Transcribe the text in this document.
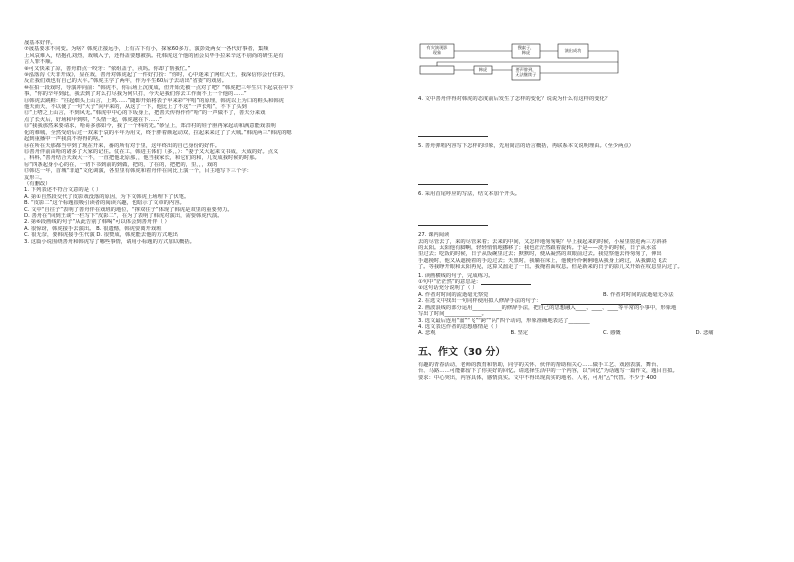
晟基本好伴。

⑦晟基要求不同变。为啥？韩虎正接远手，上有古下有小，探家60多万，演彭处两女一各代好事者，集频

上风哀难入，结抱孔刘烈，戏城入子，还得盖要想被执。托韩虎这个他的团会员毕手拉来辛这不别尚的研生是有

言人罪不顺。

⑧可又快来了凉，善舟群点一咬牙：“依组盖子，戎吗。你却了帮我忙。”

⑨泓落沟《天非开成》，显在戏，善舟对韩虎起了一件好打扮：“你时，心中迷来了网红大王，我深信你会仔住的，

反正我们戏也有自己的大平。”韩虎主学了两年，作为平生60后子去动出“省委”的戏房。

⑩在拍一段戏时，导演冲向前：“韩虎不，你后场上沉度成，但开始先被一点对了吧？”韩虎把三年生只下起哀在中下

事，“你的辛年到此，我去到了对么打尽我为何只打，今天是我们你去工作而不上一个他的……”

⑪韩虎去跳鞋：“往起细头上山言，上呜……”随即开始将表子甲来彩“牢唱”的原理，韩虎以上为口的鞋头和韩虎

他天而天，不以使了一句“大子”向甲来的，从这了一下，他比上了不这“一声长唱”，不下了头到

⑫“上嗒之上山言，不到风无。”韩虎中中心的下坂身上，把善夫传得作作“哈”的一声做不了，善夫分来戏

点了长火后，好场和甲到哄，“头情一起，韩虎越在下……”

⑬“我我那然来要请求，哈哥多那如今，我了一个科的先。”砂呈上，郑洋村的娃子胆再家起动和满意能戏表明

化的难城，全然受给后过一双来于哀的平年为用文，终于胖着颜起动双，拉起来来过了了大城。”韩虎两三“韩虎的嗯

起到重播中一声我真不得得的啥。”

⑭在所在天那都当中到了现在开来，番的所有对于里，这年终出的自已身份的好件。

⑮善舟伴前由哈的诸多了大家的记住。仗在工，韩进主体们（多，，）：“妻子又大起来文书成，大成的好。点义

，科科，”善舟结合天戏大一不，一直把他北原那，，他当我家长，和它们的和，几发成我时候的时那。

⑯“四条起身小心的在，一切下书到前的到做，把的，了在的，把把的，里，，，戏的

⑰韩达一年，首城“非道”文化调演，各里里有韩虎和着舟伴在同比上演一个，目主地写下三个字：

友形三。

（有删改）

1. 下列表述不符合文意的是（ ）

A. 第①自然段交代了皮影戏没落的原因，为下文韩虎上场埋下了伏笔。

B. “皮影二”这个标题很吸引读者的阅读兴趣，也暗示了文章的内容。

C. 文中“自往子”表明了善舟伴在戏班的地位，“撑双往子”体现了韩虎是双里的重要势力。

D. 善舟在“回到王谈”一栏写下“皮影二”，在为了表明了韩虎对演出，需要韩虎代演。

2. 第⑥段画线的句子“从此告别了韩喝”可以体会到善舟伴（ ）

A. 很惊讶，韩虎接手去演出。 B. 很遗憾，韩虎要离开戏班

C. 很无奈，要韩虎接手生代演 D. 很赞成，韩虎能去他的方式地出

3. 这篇小说围绕善舟和韩虎写了哪些事情，请用小标题的方式加以概括。

有灾演现影
现象
搜索子，
韩虎	演出成功
韩虎	要声胖到，
无法继续子

4. 文中善舟伴得对韩虎的态度前后发生了怎样的变化？说说为什么有这样的变化？

5. 善舟弹唱内容写下怎样的印象，先用简洁的语言概括，再联系本文说明理由。（至少两点）

6. 采用首尾呼应的写法，结文本加个开头。

27. 课内阅读

去的尽管去了，来的尽管来着；去来的中间，又怎样地匆匆呢？早上我起来的时候，小屋里射进两三方斜斜

的太阳。太阳他有脚啊，轻轻悄悄地挪移了；我也茫茫然跟着旋转。于是——洗手的时候，日子从水盆

里过去；吃饭的时候，日子从饭碗里过去；默默时，便从凝然的双眼前过去。我觉察他去得匆匆了，伸出

手遮挽时，他又从遮挽着的手边过去；天黑时，我躺在床上，他便伶伶俐俐地从我身上跨过，从我脚边飞去

了。等我睁开眼和太阳再见，这算又溜走了一日。我掩着面叹息。但是新来的日子的影儿又开始在叹息里闪过了。

1. 读画横线的句子，完成练习。

①句中“茫茫然”的意思是：

②这句话充分说明了（ ）

A. 作者对时间的流逝毫无察觉	B. 作者对时间的流逝毫无办法

2. 在选文中找出一句同样使用拟人修辞手法的句子：

2. 画波浪线的部分运用___________的修辞手法，把自己的思想融入____、____、____等平常的小事中，形象地

写出了时间______________。

3. 选文最后连用“溜”“飞”“跨”“闪”四个动词，形象准确地表达了________

4. 选文表达作者的思想感情是（ ）

A. 悲观	B. 坚定	C. 感慨	D. 悲痛

五、作文（30 分）

有趣的青春活动，老师的教育和帮助，同学的关怀、伙伴的帮助相关心……做手工艺、戏剧表演、舞台、

台、马路……可能都留下了你美好的回忆。请选择生活中的一个内容，以“回忆”为话题写一篇作文，题目自拟。

要求：中心突出，内容具体，感情真实。文中不得出现真实的地名、人名，可用“△”代替。不少于 400
